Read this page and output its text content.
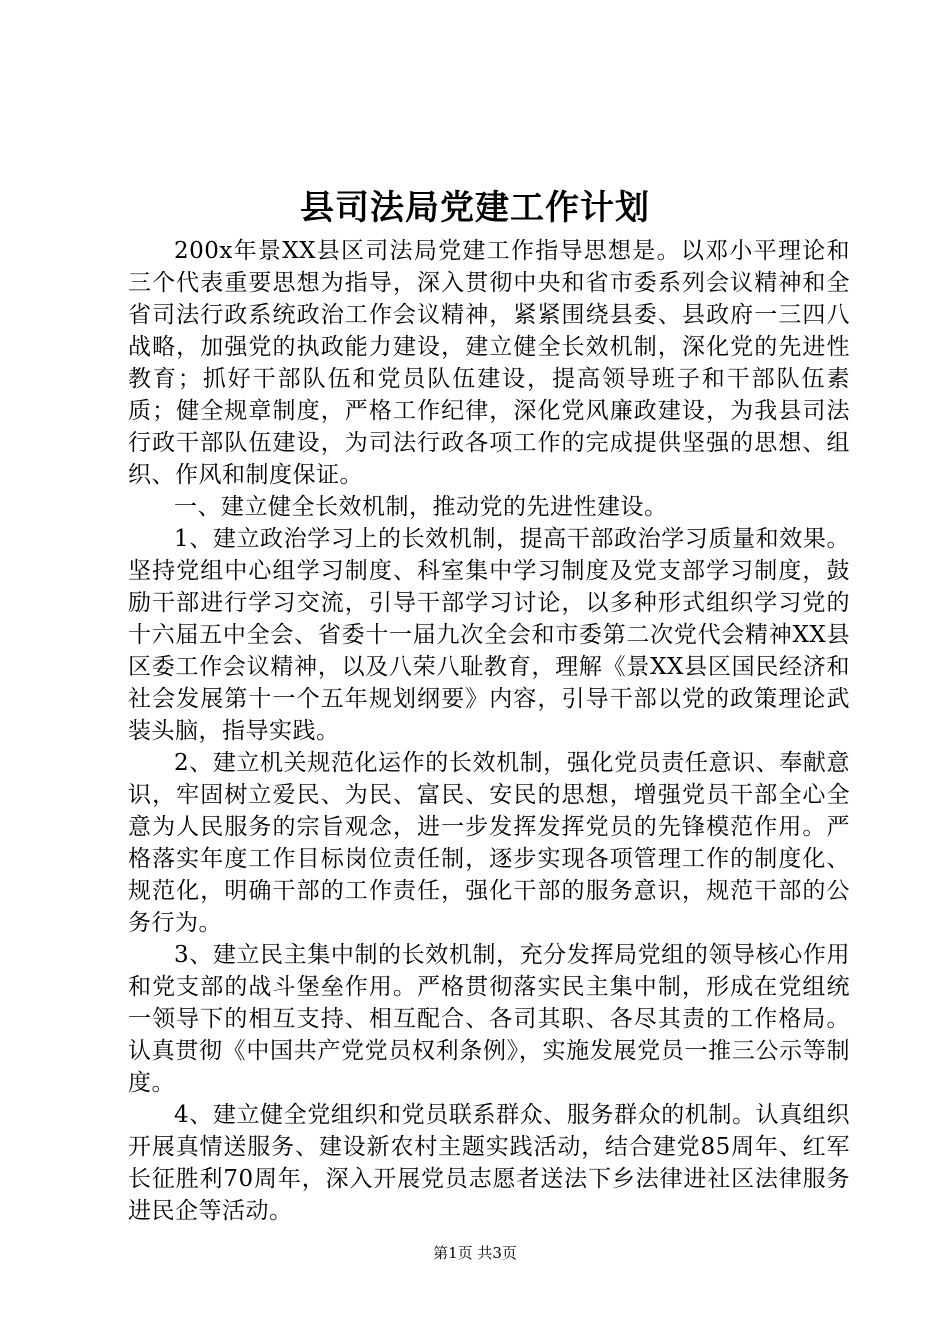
县司法局党建工作计划

200x年景XX县区司法局党建工作指导思想是。以邓小平理论和三个代表重要思想为指导，深入贯彻中央和省市委系列会议精神和全省司法行政系统政治工作会议精神，紧紧围绕县委、县政府一三四八战略，加强党的执政能力建设，建立健全长效机制，深化党的先进性教育；抓好干部队伍和党员队伍建设，提高领导班子和干部队伍素质；健全规章制度，严格工作纪律，深化党风廉政建设，为我县司法行政干部队伍建设，为司法行政各项工作的完成提供坚强的思想、组织、作风和制度保证。

一、建立健全长效机制，推动党的先进性建设。

1、建立政治学习上的长效机制，提高干部政治学习质量和效果。坚持党组中心组学习制度、科室集中学习制度及党支部学习制度，鼓励干部进行学习交流，引导干部学习讨论，以多种形式组织学习党的十六届五中全会、省委十一届九次全会和市委第二次党代会精神XX县区委工作会议精神，以及八荣八耻教育，理解《景XX县区国民经济和社会发展第十一个五年规划纲要》内容，引导干部以党的政策理论武装头脑，指导实践。

2、建立机关规范化运作的长效机制，强化党员责任意识、奉献意识，牢固树立爱民、为民、富民、安民的思想，增强党员干部全心全意为人民服务的宗旨观念，进一步发挥发挥党员的先锋模范作用。严格落实年度工作目标岗位责任制，逐步实现各项管理工作的制度化、规范化，明确干部的工作责任，强化干部的服务意识，规范干部的公务行为。

3、建立民主集中制的长效机制，充分发挥局党组的领导核心作用和党支部的战斗堡垒作用。严格贯彻落实民主集中制，形成在党组统一领导下的相互支持、相互配合、各司其职、各尽其责的工作格局。认真贯彻《中国共产党党员权利条例》，实施发展党员一推三公示等制度。

4、建立健全党组织和党员联系群众、服务群众的机制。认真组织开展真情送服务、建设新农村主题实践活动，结合建党85周年、红军长征胜利70周年，深入开展党员志愿者送法下乡法律进社区法律服务进民企等活动。

第1页 共3页
